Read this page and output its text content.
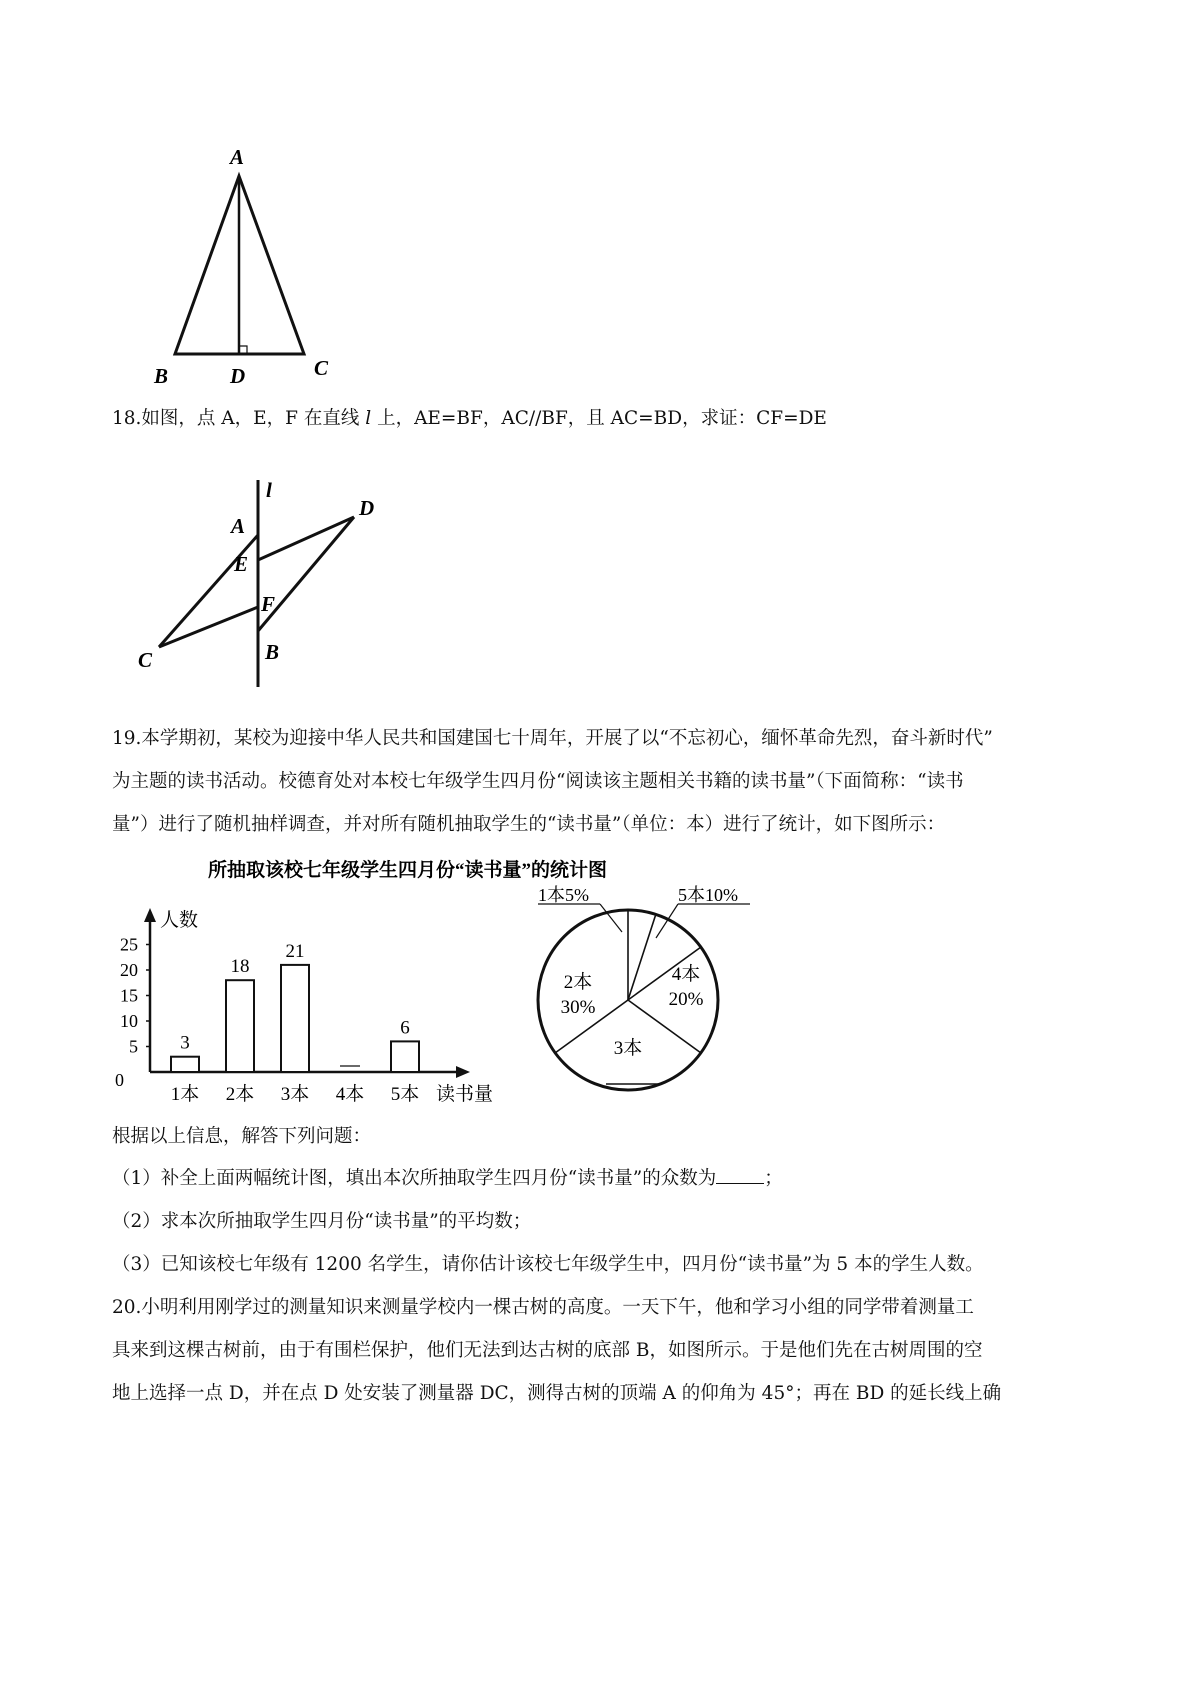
A
B	D	C
18.如图，点 A，E，F 在直线 l 上，AE=BF，AC//BF，且 AC=BD，求证：CF=DE
l
A
D
E
F
C	B
19.本学期初，某校为迎接中华人民共和国建国七十周年，开展了以“不忘初心，缅怀革命先烈，奋斗新时代”
为主题的读书活动。校德育处对本校七年级学生四月份“阅读该主题相关书籍的读书量”（下面简称：“读书
量”）进行了随机抽样调查，并对所有随机抽取学生的“读书量”（单位：本）进行了统计，如下图所示：
所抽取该校七年级学生四月份“读书量”的统计图
人数
读书量
0
5
10
15
20
25
1本
3
2本
18
3本
21
4本 5本
6
1本5%	5本10%
4本
20%
3本
2本
30%
根据以上信息，解答下列问题：
（1）补全上面两幅统计图，填出本次所抽取学生四月份“读书量”的众数为	；
（2）求本次所抽取学生四月份“读书量”的平均数；
（3）已知该校七年级有 1200 名学生，请你估计该校七年级学生中，四月份“读书量”为 5 本的学生人数。
20.小明利用刚学过的测量知识来测量学校内一棵古树的高度。一天下午，他和学习小组的同学带着测量工
具来到这棵古树前，由于有围栏保护，他们无法到达古树的底部 B，如图所示。于是他们先在古树周围的空
地上选择一点 D，并在点 D 处安装了测量器 DC，测得古树的顶端 A 的仰角为 45°；再在 BD 的延长线上确
